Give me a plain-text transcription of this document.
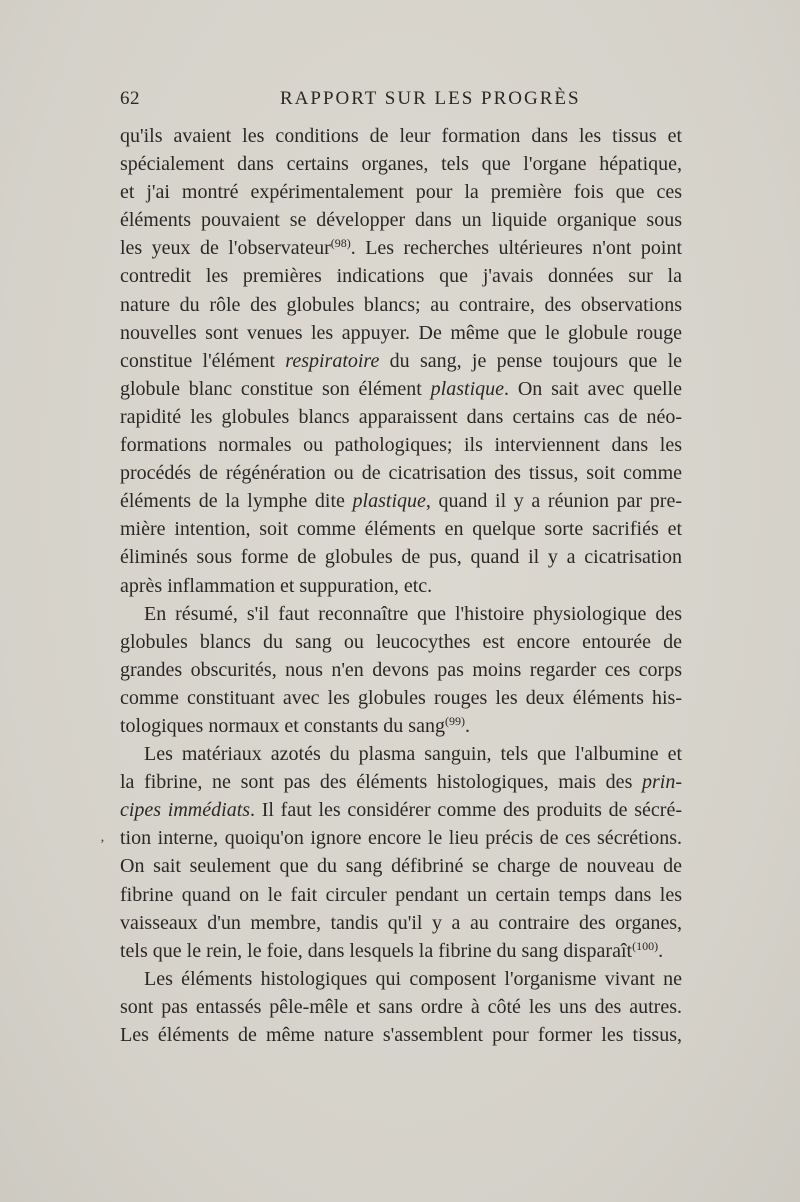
62	RAPPORT SUR LES PROGRÈS
‚
qu'ils avaient les conditions de leur formation dans les tissus et
spécialement dans certains organes, tels que l'organe hépatique,
et j'ai montré expérimentalement pour la première fois que ces
éléments pouvaient se développer dans un liquide organique sous
les yeux de l'observateur$^{(98)}$. Les recherches ultérieures n'ont point
contredit les premières indications que j'avais données sur la
nature du rôle des globules blancs; au contraire, des observations
nouvelles sont venues les appuyer. De même que le globule rouge
constitue l'élément respiratoire du sang, je pense toujours que le
globule blanc constitue son élément plastique. On sait avec quelle
rapidité les globules blancs apparaissent dans certains cas de néo-
formations normales ou pathologiques; ils interviennent dans les
procédés de régénération ou de cicatrisation des tissus, soit comme
éléments de la lymphe dite plastique, quand il y a réunion par pre-
mière intention, soit comme éléments en quelque sorte sacrifiés et
éliminés sous forme de globules de pus, quand il y a cicatrisation
après inflammation et suppuration, etc.
En résumé, s'il faut reconnaître que l'histoire physiologique des
globules blancs du sang ou leucocythes est encore entourée de
grandes obscurités, nous n'en devons pas moins regarder ces corps
comme constituant avec les globules rouges les deux éléments his-
tologiques normaux et constants du sang$^{(99)}$.
Les matériaux azotés du plasma sanguin, tels que l'albumine et
la fibrine, ne sont pas des éléments histologiques, mais des prin-
cipes immédiats. Il faut les considérer comme des produits de sécré-
tion interne, quoiqu'on ignore encore le lieu précis de ces sécrétions.
On sait seulement que du sang défibriné se charge de nouveau de
fibrine quand on le fait circuler pendant un certain temps dans les
vaisseaux d'un membre, tandis qu'il y a au contraire des organes,
tels que le rein, le foie, dans lesquels la fibrine du sang disparaît$^{(100)}$.
Les éléments histologiques qui composent l'organisme vivant ne
sont pas entassés pêle-mêle et sans ordre à côté les uns des autres.
Les éléments de même nature s'assemblent pour former les tissus,
